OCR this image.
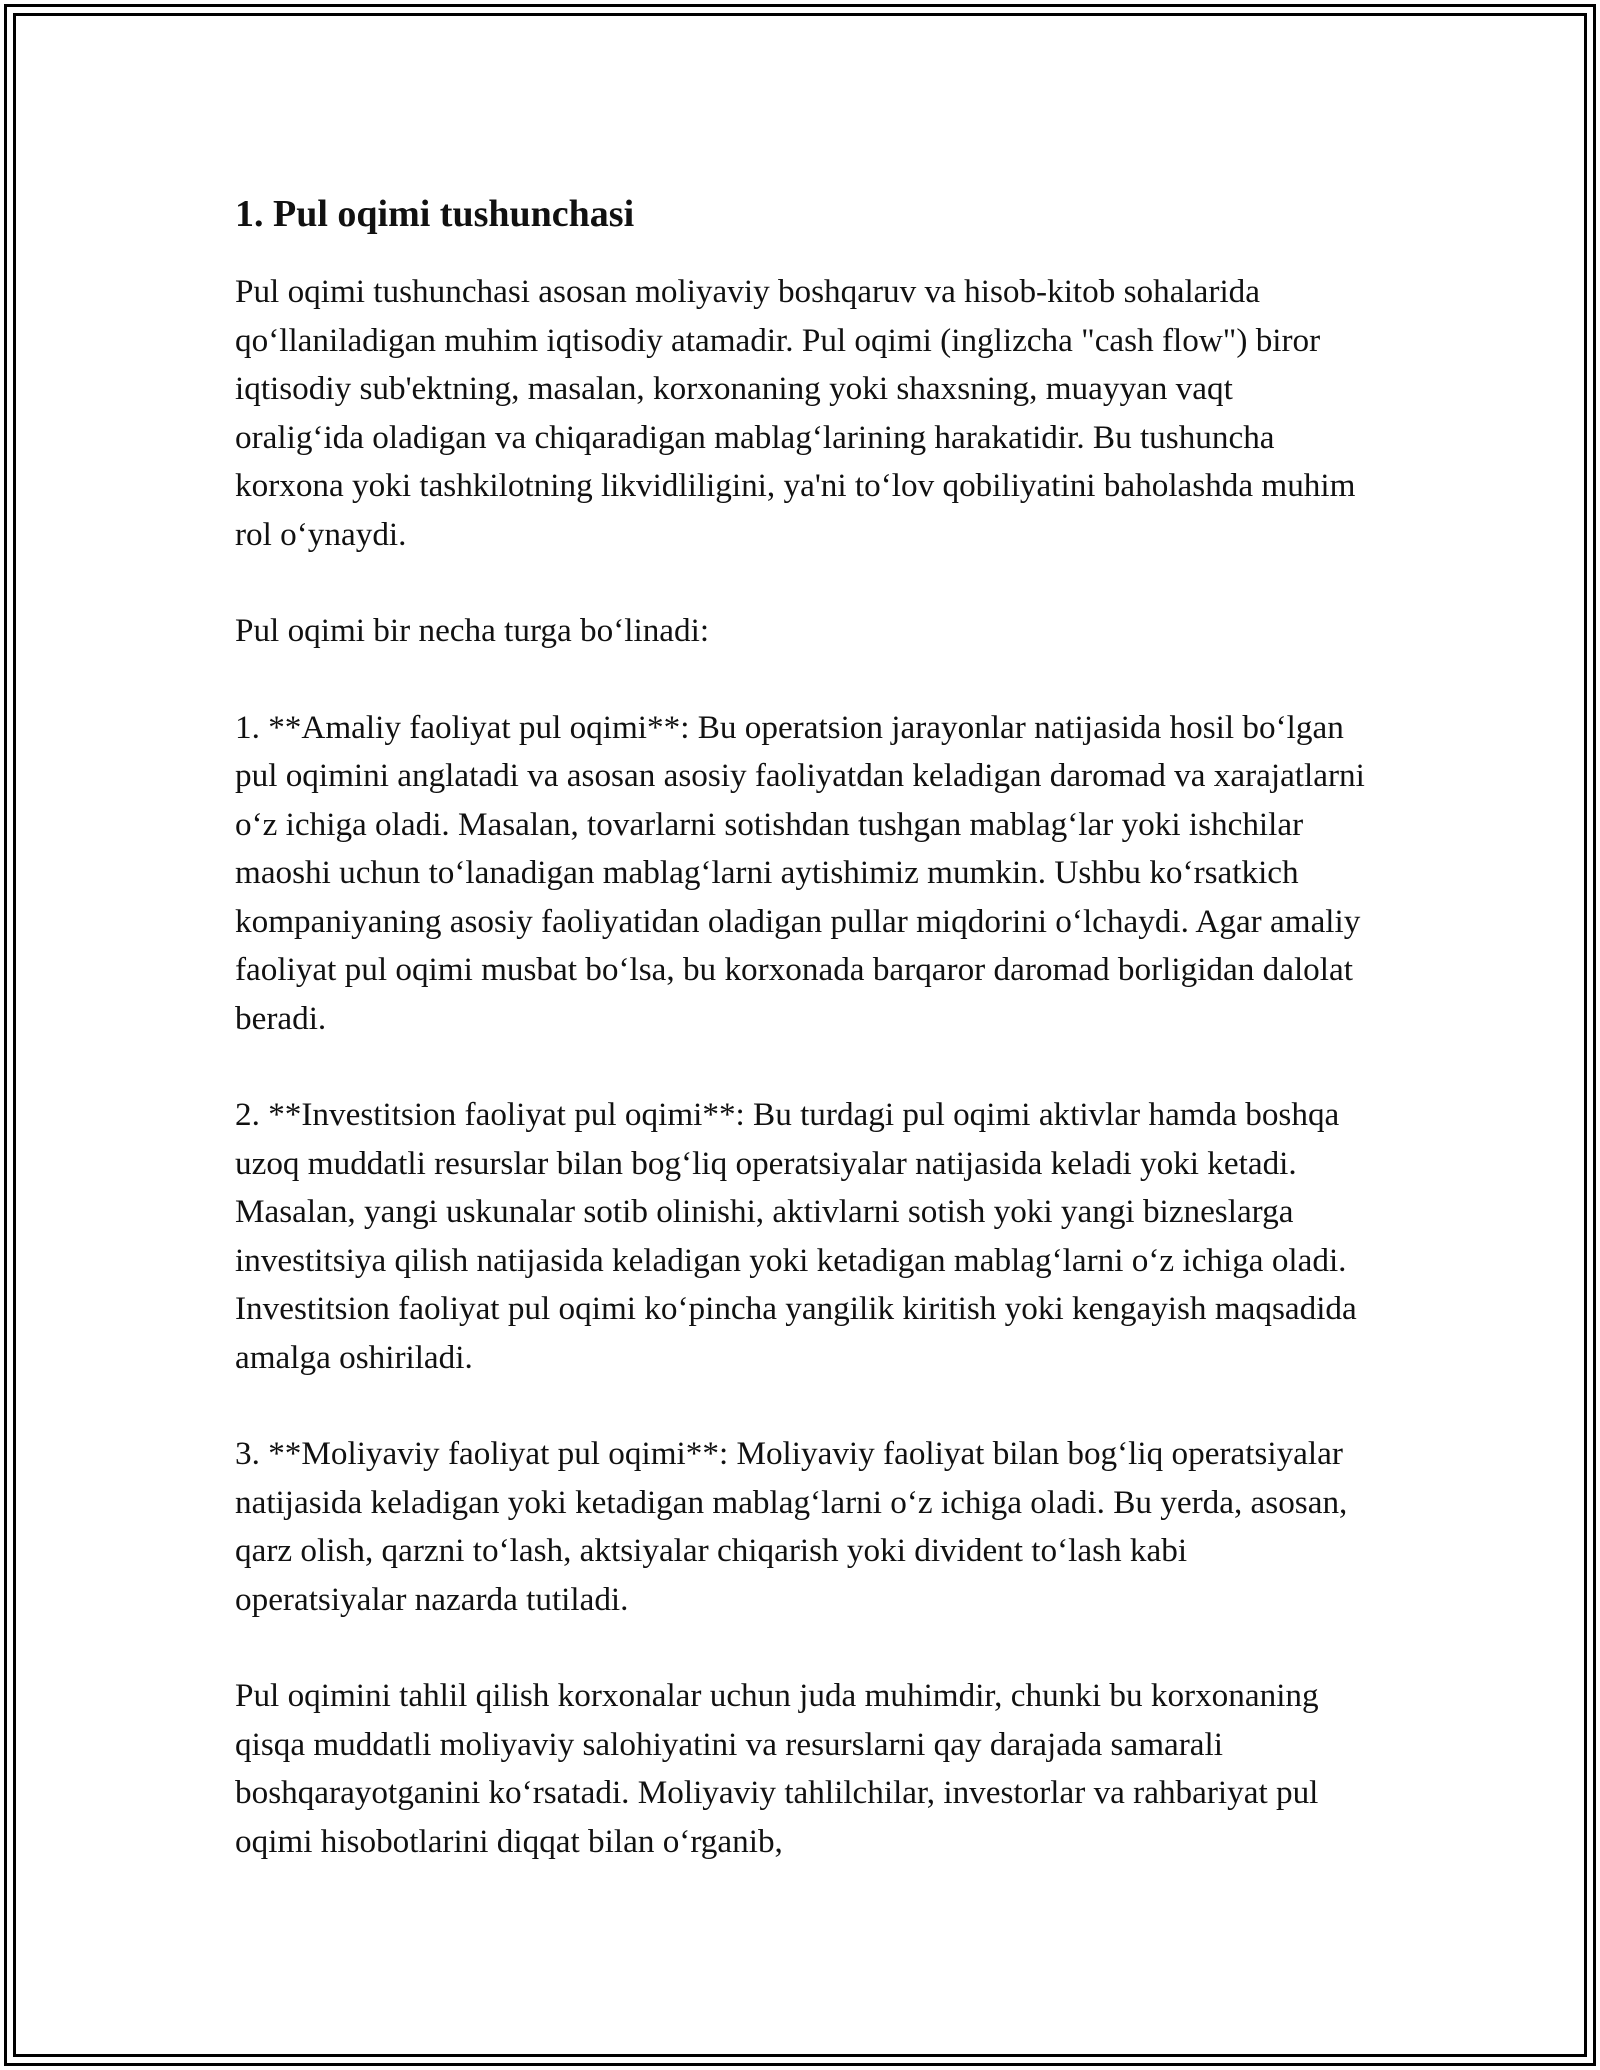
1. Pul oqimi tushunchasi

Pul oqimi tushunchasi asosan moliyaviy boshqaruv va hisob-kitob sohalarida qo‘llaniladigan muhim iqtisodiy atamadir. Pul oqimi (inglizcha "cash flow") biror iqtisodiy sub'ektning, masalan, korxonaning yoki shaxsning, muayyan vaqt oralig‘ida oladigan va chiqaradigan mablag‘larining harakatidir. Bu tushuncha korxona yoki tashkilotning likvidliligini, ya'ni to‘lov qobiliyatini baholashda muhim rol o‘ynaydi.

Pul oqimi bir necha turga bo‘linadi:

1. **Amaliy faoliyat pul oqimi**: Bu operatsion jarayonlar natijasida hosil bo‘lgan pul oqimini anglatadi va asosan asosiy faoliyatdan keladigan daromad va xarajatlarni o‘z ichiga oladi. Masalan, tovarlarni sotishdan tushgan mablag‘lar yoki ishchilar maoshi uchun to‘lanadigan mablag‘larni aytishimiz mumkin. Ushbu ko‘rsatkich kompaniyaning asosiy faoliyatidan oladigan pullar miqdorini o‘lchaydi. Agar amaliy faoliyat pul oqimi musbat bo‘lsa, bu korxonada barqaror daromad borligidan dalolat beradi.

2. **Investitsion faoliyat pul oqimi**: Bu turdagi pul oqimi aktivlar hamda boshqa uzoq muddatli resurslar bilan bog‘liq operatsiyalar natijasida keladi yoki ketadi. Masalan, yangi uskunalar sotib olinishi, aktivlarni sotish yoki yangi bizneslarga investitsiya qilish natijasida keladigan yoki ketadigan mablag‘larni o‘z ichiga oladi. Investitsion faoliyat pul oqimi ko‘pincha yangilik kiritish yoki kengayish maqsadida amalga oshiriladi.

3. **Moliyaviy faoliyat pul oqimi**: Moliyaviy faoliyat bilan bog‘liq operatsiyalar natijasida keladigan yoki ketadigan mablag‘larni o‘z ichiga oladi. Bu yerda, asosan, qarz olish, qarzni to‘lash, aktsiyalar chiqarish yoki divident to‘lash kabi operatsiyalar nazarda tutiladi.

Pul oqimini tahlil qilish korxonalar uchun juda muhimdir, chunki bu korxonaning qisqa muddatli moliyaviy salohiyatini va resurslarni qay darajada samarali boshqarayotganini ko‘rsatadi. Moliyaviy tahlilchilar, investorlar va rahbariyat pul oqimi hisobotlarini diqqat bilan o‘rganib,
